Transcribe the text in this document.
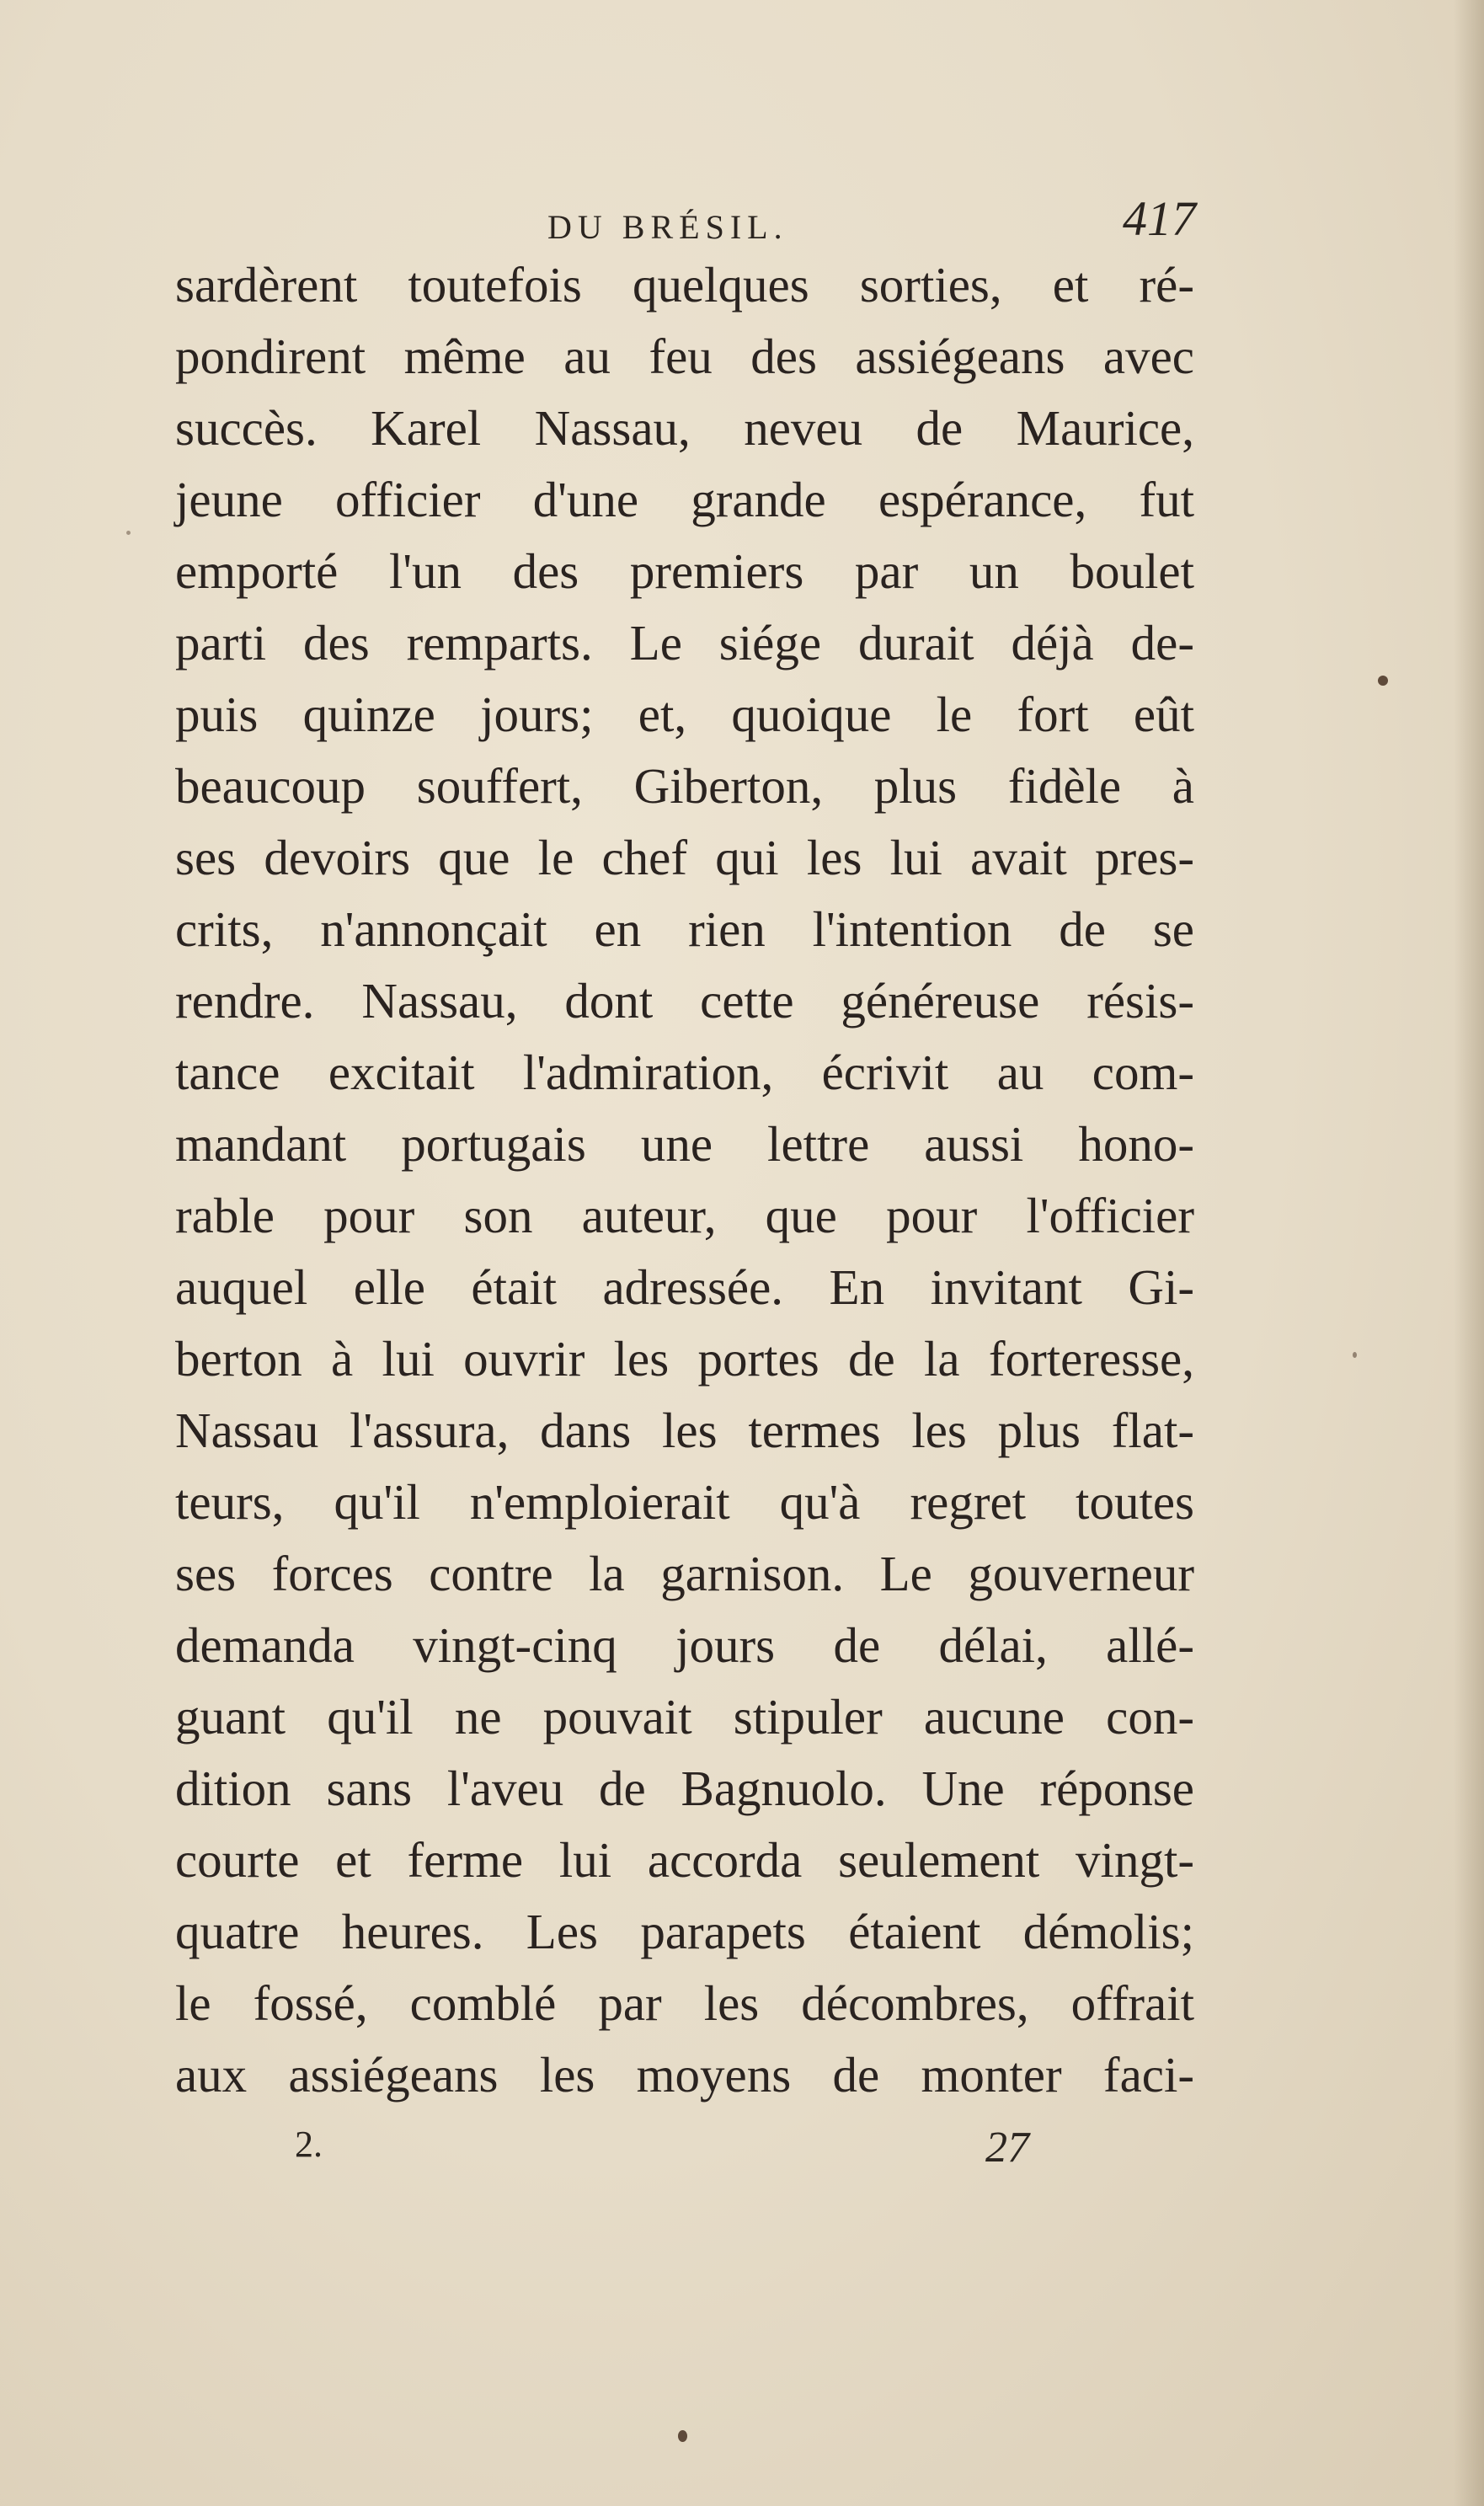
DU BRÉSIL.	417
sardèrent toutefois quelques sorties, et ré-
pondirent même au feu des assiégeans avec
succès. Karel Nassau, neveu de Maurice,
jeune officier d'une grande espérance, fut
emporté l'un des premiers par un boulet
parti des remparts. Le siége durait déjà de-
puis quinze jours; et, quoique le fort eût
beaucoup souffert, Giberton, plus fidèle à
ses devoirs que le chef qui les lui avait pres-
crits, n'annonçait en rien l'intention de se
rendre. Nassau, dont cette généreuse résis-
tance excitait l'admiration, écrivit au com-
mandant portugais une lettre aussi hono-
rable pour son auteur, que pour l'officier
auquel elle était adressée. En invitant Gi-
berton à lui ouvrir les portes de la forteresse,
Nassau l'assura, dans les termes les plus flat-
teurs, qu'il n'emploierait qu'à regret toutes
ses forces contre la garnison. Le gouverneur
demanda vingt-cinq jours de délai, allé-
guant qu'il ne pouvait stipuler aucune con-
dition sans l'aveu de Bagnuolo. Une réponse
courte et ferme lui accorda seulement vingt-
quatre heures. Les parapets étaient démolis;
le fossé, comblé par les décombres, offrait
aux assiégeans les moyens de monter faci-
2.	27
